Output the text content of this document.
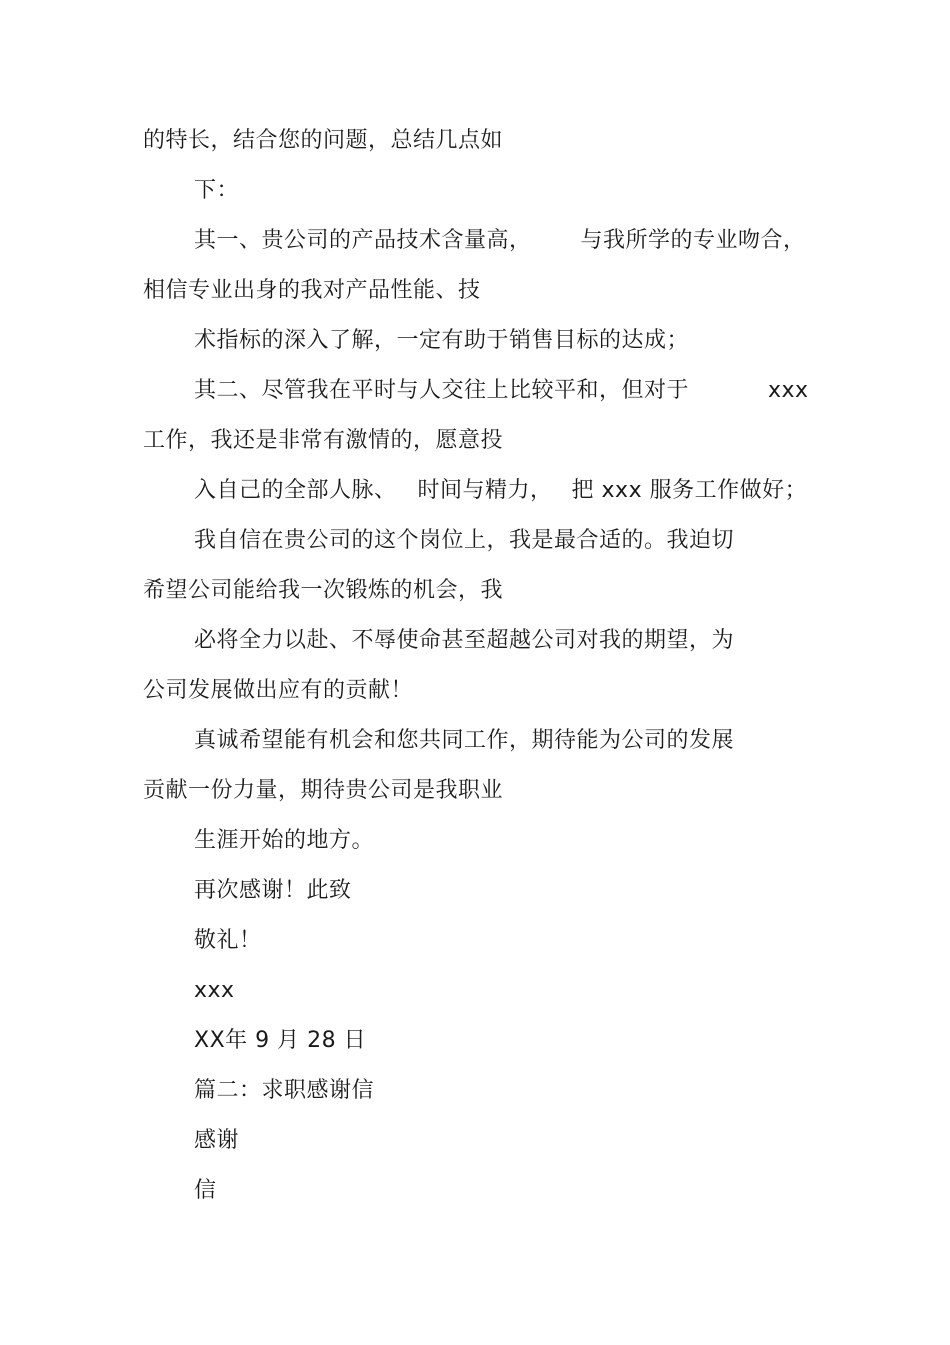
的特长，结合您的问题，总结几点如
下：
其一、贵公司的产品技术含量高， 与我所学的专业吻合，
相信专业出身的我对产品性能、技
术指标的深入了解，一定有助于销售目标的达成；
其二、尽管我在平时与人交往上比较平和，但对于	xxx
工作，我还是非常有激情的，愿意投
入自己的全部人脉、 时间与精力， 把 xxx 服务工作做好；
我自信在贵公司的这个岗位上，我是最合适的。我迫切
希望公司能给我一次锻炼的机会，我
必将全力以赴、不辱使命甚至超越公司对我的期望，为
公司发展做出应有的贡献！
真诚希望能有机会和您共同工作，期待能为公司的发展
贡献一份力量，期待贵公司是我职业
生涯开始的地方。
再次感谢！此致
敬礼！
xxx
XX年 9 月 28 日
篇二：求职感谢信
感谢
信
